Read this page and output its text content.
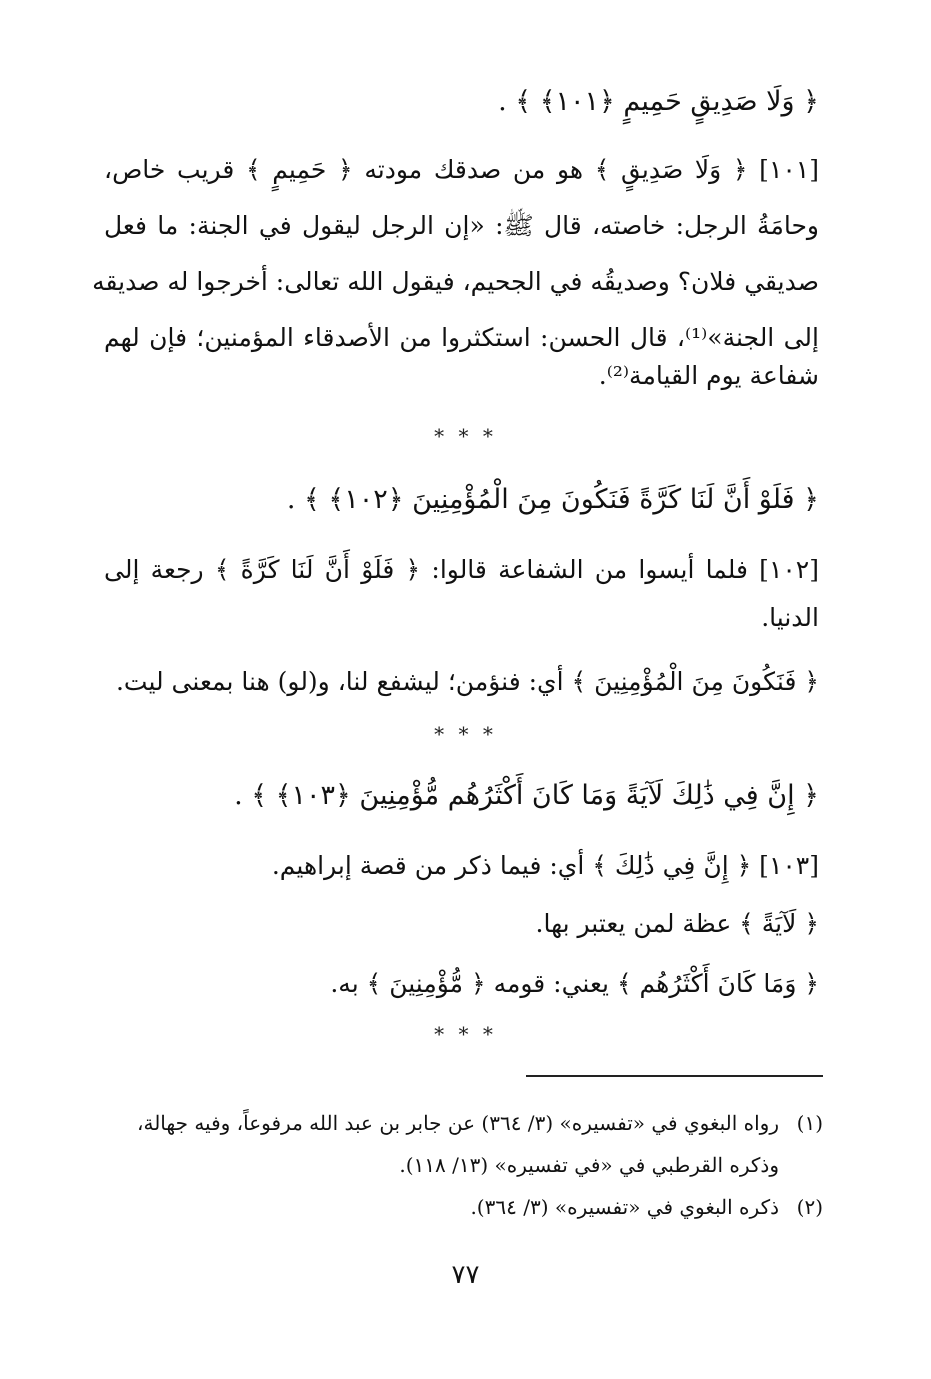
﴿ وَلَا صَدِيقٍ حَمِيمٍ ﴿١٠١﴾ ﴾ .
[١٠١] ﴿ وَلَا صَدِيقٍ ﴾ هو من صدقك مودته ﴿ حَمِيمٍ ﴾ قريب خاص،
وحامَةُ الرجل: خاصته، قال ﷺ: «إن الرجل ليقول في الجنة: ما فعل
صديقي فلان؟ وصديقُه في الجحيم، فيقول الله تعالى: أخرجوا له صديقه
إلى الجنة»⁽¹⁾، قال الحسن: استكثروا من الأصدقاء المؤمنين؛ فإن لهم
شفاعة يوم القيامة⁽²⁾.
* * *
﴿ فَلَوْ أَنَّ لَنَا كَرَّةً فَنَكُونَ مِنَ الْمُؤْمِنِينَ ﴿١٠٢﴾ ﴾ .
[١٠٢] فلما أيسوا من الشفاعة قالوا: ﴿ فَلَوْ أَنَّ لَنَا كَرَّةً ﴾ رجعة إلى
الدنيا.
﴿ فَنَكُونَ مِنَ الْمُؤْمِنِينَ ﴾ أي: فنؤمن؛ ليشفع لنا، و(لو) هنا بمعنى ليت.
* * *
﴿ إِنَّ فِي ذَٰلِكَ لَآيَةً وَمَا كَانَ أَكْثَرُهُم مُّؤْمِنِينَ ﴿١٠٣﴾ ﴾ .
[١٠٣] ﴿ إِنَّ فِي ذَٰلِكَ ﴾ أي: فيما ذكر من قصة إبراهيم.
﴿ لَآيَةً ﴾ عظة لمن يعتبر بها.
﴿ وَمَا كَانَ أَكْثَرُهُم ﴾ يعني: قومه ﴿ مُّؤْمِنِينَ ﴾ به.
* * *
(١)رواه البغوي في «تفسيره» (٣/ ٣٦٤) عن جابر بن عبد الله مرفوعاً، وفيه جهالة،
وذكره القرطبي في «في تفسيره» (١٣/ ١١٨).
(٢)ذكره البغوي في «تفسيره» (٣/ ٣٦٤).
٧٧
